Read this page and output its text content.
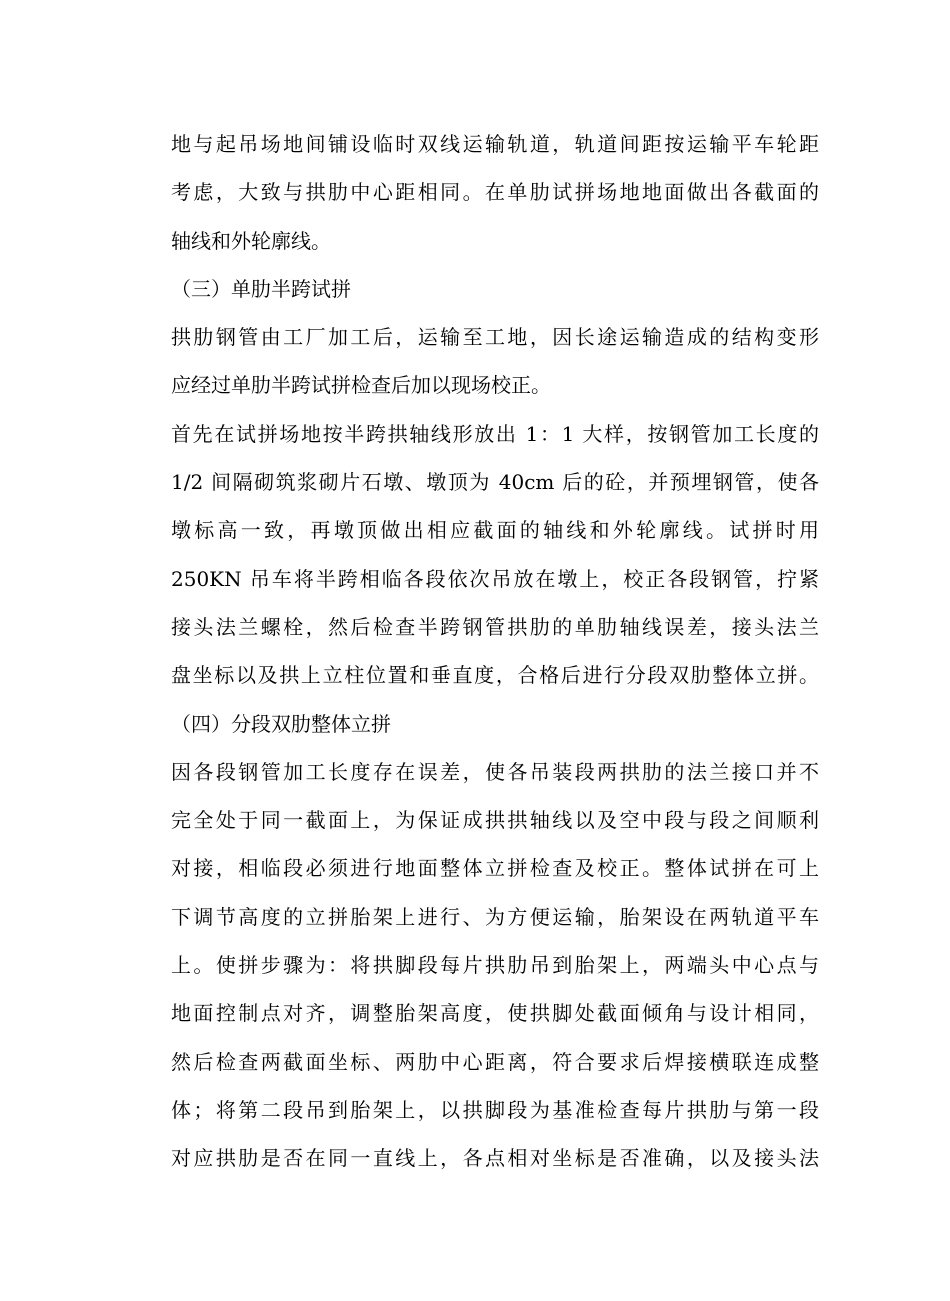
地与起吊场地间铺设临时双线运输轨道，轨道间距按运输平车轮距
考虑，大致与拱肋中心距相同。在单肋试拼场地地面做出各截面的
轴线和外轮廓线。
（三）单肋半跨试拼
拱肋钢管由工厂加工后，运输至工地，因长途运输造成的结构变形
应经过单肋半跨试拼检查后加以现场校正。
首先在试拼场地按半跨拱轴线形放出 1：1 大样，按钢管加工长度的
1/2 间隔砌筑浆砌片石墩、墩顶为 40cm 后的砼，并预埋钢管，使各
墩标高一致，再墩顶做出相应截面的轴线和外轮廓线。试拼时用
250KN 吊车将半跨相临各段依次吊放在墩上，校正各段钢管，拧紧
接头法兰螺栓，然后检查半跨钢管拱肋的单肋轴线误差，接头法兰
盘坐标以及拱上立柱位置和垂直度，合格后进行分段双肋整体立拼。
（四）分段双肋整体立拼
因各段钢管加工长度存在误差，使各吊装段两拱肋的法兰接口并不
完全处于同一截面上，为保证成拱拱轴线以及空中段与段之间顺利
对接，相临段必须进行地面整体立拼检查及校正。整体试拼在可上
下调节高度的立拼胎架上进行、为方便运输，胎架设在两轨道平车
上。使拼步骤为：将拱脚段每片拱肋吊到胎架上，两端头中心点与
地面控制点对齐，调整胎架高度，使拱脚处截面倾角与设计相同，
然后检查两截面坐标、两肋中心距离，符合要求后焊接横联连成整
体；将第二段吊到胎架上，以拱脚段为基准检查每片拱肋与第一段
对应拱肋是否在同一直线上，各点相对坐标是否准确，以及接头法
